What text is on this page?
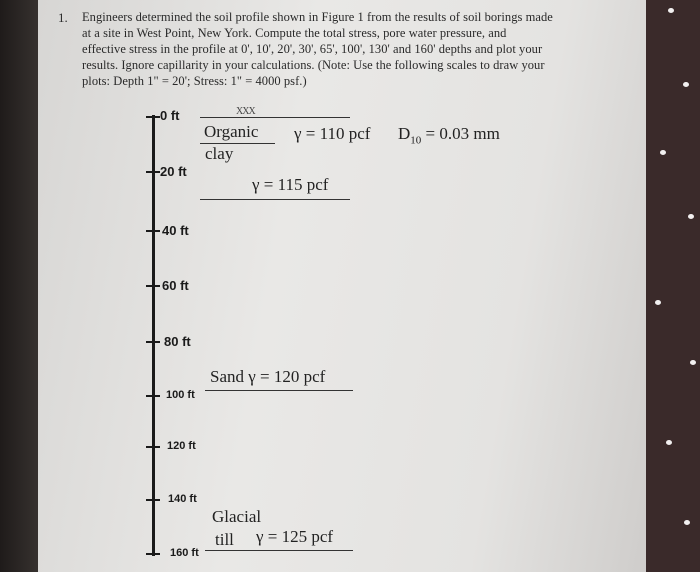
1. Engineers determined the soil profile shown in Figure 1 from the results of soil borings made
at a site in West Point, New York. Compute the total stress, pore water pressure, and
effective stress in the profile at 0', 10', 20', 30', 65', 100', 130' and 160' depths and plot your
results. Ignore capillarity in your calculations. (Note: Use the following scales to draw your
plots: Depth 1" = 20'; Stress: 1" = 4000 psf.)
0 ft
20 ft
40 ft
60 ft
80 ft
100 ft
120 ft
140 ft
160 ft
XXX
Organic
clay
γ = 110 pcf $D_{10} = 0.03$ mm
γ = 115 pcf
Sand γ = 120 pcf
Glacial
till γ = 125 pcf
